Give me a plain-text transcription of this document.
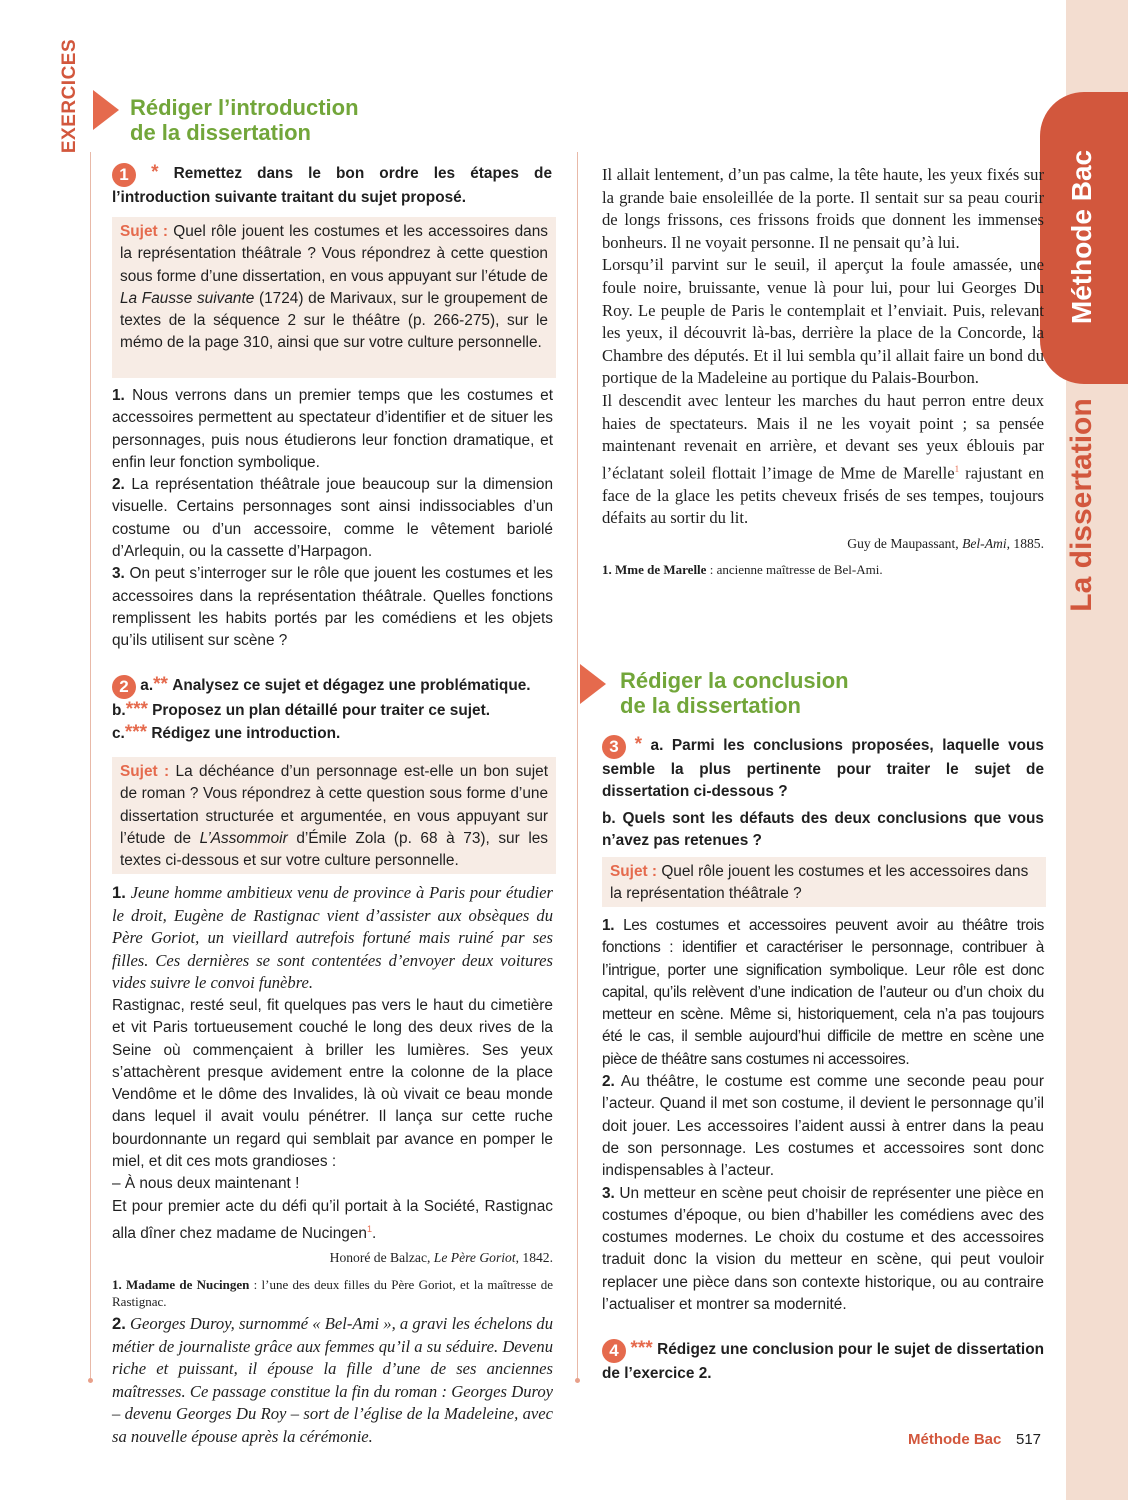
Méthode Bac
La dissertation
EXERCICES Rédiger l’introduction
de la dissertation
1 * Remettez dans le bon ordre les étapes de l’introduction suivante traitant du sujet proposé.
Sujet : Quel rôle jouent les costumes et les accessoires dans la représentation théâtrale ? Vous répondrez à cette question sous forme d’une dissertation, en vous appuyant sur l’étude de La Fausse suivante (1724) de Marivaux, sur le groupement de textes de la séquence 2 sur le théâtre (p. 266-275), sur le mémo de la page 310, ainsi que sur votre culture personnelle.

1. Nous verrons dans un premier temps que les costumes et accessoires permettent au spectateur d’identifier et de situer les personnages, puis nous étudierons leur fonction dramatique, et enfin leur fonction symbolique.

2. La représentation théâtrale joue beaucoup sur la dimension visuelle. Certains personnages sont ainsi indissociables d’un costume ou d’un accessoire, comme le vêtement bariolé d’Arlequin, ou la cassette d’Harpagon.

3. On peut s’interroger sur le rôle que jouent les costumes et les accessoires dans la représentation théâtrale. Quelles fonctions remplissent les habits portés par les comédiens et les objets qu’ils utilisent sur scène ?

2 a.** Analysez ce sujet et dégagez une problématique.
b.*** Proposez un plan détaillé pour traiter ce sujet.
c.*** Rédigez une introduction.
Sujet : La déchéance d’un personnage est-elle un bon sujet de roman ? Vous répondrez à cette question sous forme d’une dissertation structurée et argumentée, en vous appuyant sur l’étude de L’Assommoir d’Émile Zola (p. 68 à 73), sur les textes ci-dessous et sur votre culture personnelle.

1. Jeune homme ambitieux venu de province à Paris pour étudier le droit, Eugène de Rastignac vient d’assister aux obsèques du Père Goriot, un vieillard autrefois fortuné mais ruiné par ses filles. Ces dernières se sont contentées d’envoyer deux voitures vides suivre le convoi funèbre.

Rastignac, resté seul, fit quelques pas vers le haut du cimetière et vit Paris tortueusement couché le long des deux rives de la Seine où commençaient à briller les lumières. Ses yeux s’attachèrent presque avidement entre la colonne de la place Vendôme et le dôme des Invalides, là où vivait ce beau monde dans lequel il avait voulu pénétrer. Il lança sur cette ruche bourdonnante un regard qui semblait par avance en pomper le miel, et dit ces mots grandioses :

– À nous deux maintenant !

Et pour premier acte du défi qu’il portait à la Société, Rastignac alla dîner chez madame de Nucingen$^1$.

Honoré de Balzac, Le Père Goriot, 1842.

1. Madame de Nucingen : l’une des deux filles du Père Goriot, et la maîtresse de Rastignac.

2. Georges Duroy, surnommé « Bel-Ami », a gravi les échelons du métier de journaliste grâce aux femmes qu’il a su séduire. Devenu riche et puissant, il épouse la fille d’une de ses anciennes maîtresses. Ce passage constitue la fin du roman : Georges Duroy – devenu Georges Du Roy – sort de l’église de la Madeleine, avec sa nouvelle épouse après la cérémonie.

Il allait lentement, d’un pas calme, la tête haute, les yeux fixés sur la grande baie ensoleillée de la porte. Il sentait sur sa peau courir de longs frissons, ces frissons froids que donnent les immenses bonheurs. Il ne voyait personne. Il ne pensait qu’à lui.

Lorsqu’il parvint sur le seuil, il aperçut la foule amassée, une foule noire, bruissante, venue là pour lui, pour lui Georges Du Roy. Le peuple de Paris le contemplait et l’enviait. Puis, relevant les yeux, il découvrit là-bas, derrière la place de la Concorde, la Chambre des députés. Et il lui sembla qu’il allait faire un bond du portique de la Madeleine au portique du Palais-Bourbon.

Il descendit avec lenteur les marches du haut perron entre deux haies de spectateurs. Mais il ne les voyait point ; sa pensée maintenant revenait en arrière, et devant ses yeux éblouis par l’éclatant soleil flottait l’image de Mme de Marelle$^1$ rajustant en face de la glace les petits cheveux frisés de ses tempes, toujours défaits au sortir du lit.

Guy de Maupassant, Bel-Ami, 1885.

1. Mme de Marelle : ancienne maîtresse de Bel-Ami.

Rédiger la conclusion
de la dissertation

3 * a. Parmi les conclusions proposées, laquelle vous semble la plus pertinente pour traiter le sujet de dissertation ci-dessous ?

b. Quels sont les défauts des deux conclusions que vous n’avez pas retenues ?

Sujet : Quel rôle jouent les costumes et les accessoires dans la représentation théâtrale ?

1. Les costumes et accessoires peuvent avoir au théâtre trois fonctions : identifier et caractériser le personnage, contribuer à l’intrigue, porter une signification symbolique. Leur rôle est donc capital, qu’ils relèvent d’une indication de l’auteur ou d’un choix du metteur en scène. Même si, historiquement, cela n’a pas toujours été le cas, il semble aujourd’hui difficile de mettre en scène une pièce de théâtre sans costumes ni accessoires.

2. Au théâtre, le costume est comme une seconde peau pour l’acteur. Quand il met son costume, il devient le personnage qu’il doit jouer. Les accessoires l’aident aussi à entrer dans la peau de son personnage. Les costumes et accessoires sont donc indispensables à l’acteur.

3. Un metteur en scène peut choisir de représenter une pièce en costumes d’époque, ou bien d’habiller les comédiens avec des costumes modernes. Le choix du costume et des accessoires traduit donc la vision du metteur en scène, qui peut vouloir replacer une pièce dans son contexte historique, ou au contraire l’actualiser et montrer sa modernité.

4 *** Rédigez une conclusion pour le sujet de dissertation de l’exercice 2.
Méthode Bac 517
